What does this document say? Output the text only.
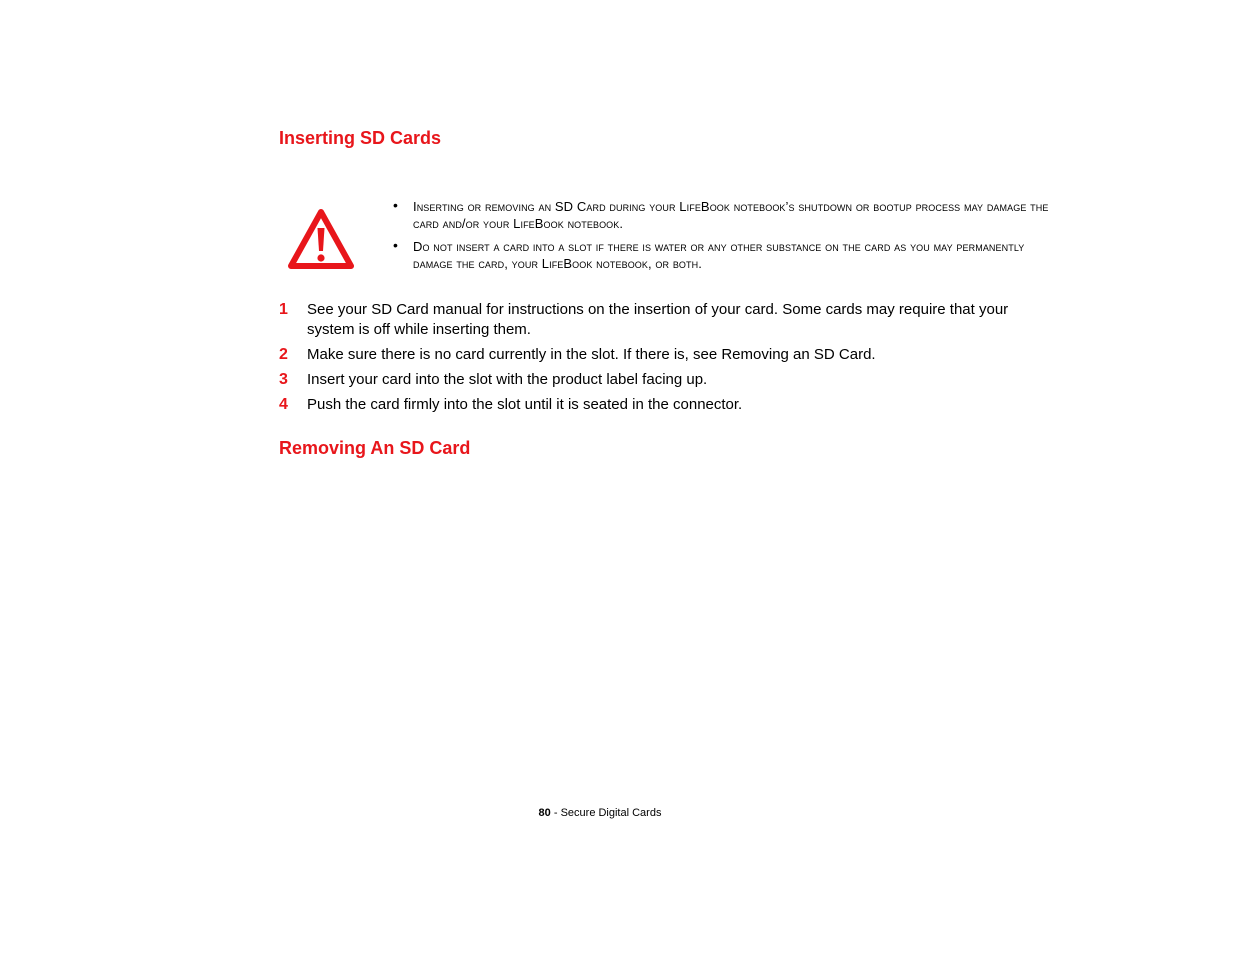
Inserting SD Cards
• Inserting or removing an SD Card during your LifeBook notebook’s shutdown or bootup process may damage the card and/or your LifeBook notebook.
• Do not insert a card into a slot if there is water or any other substance on the card as you may permanently damage the card, your LifeBook notebook, or both.
1 See your SD Card manual for instructions on the insertion of your card. Some cards may require that your system is off while inserting them.
2 Make sure there is no card currently in the slot. If there is, see Removing an SD Card.
3 Insert your card into the slot with the product label facing up.
4 Push the card firmly into the slot until it is seated in the connector.
Removing An SD Card
80 - Secure Digital Cards
